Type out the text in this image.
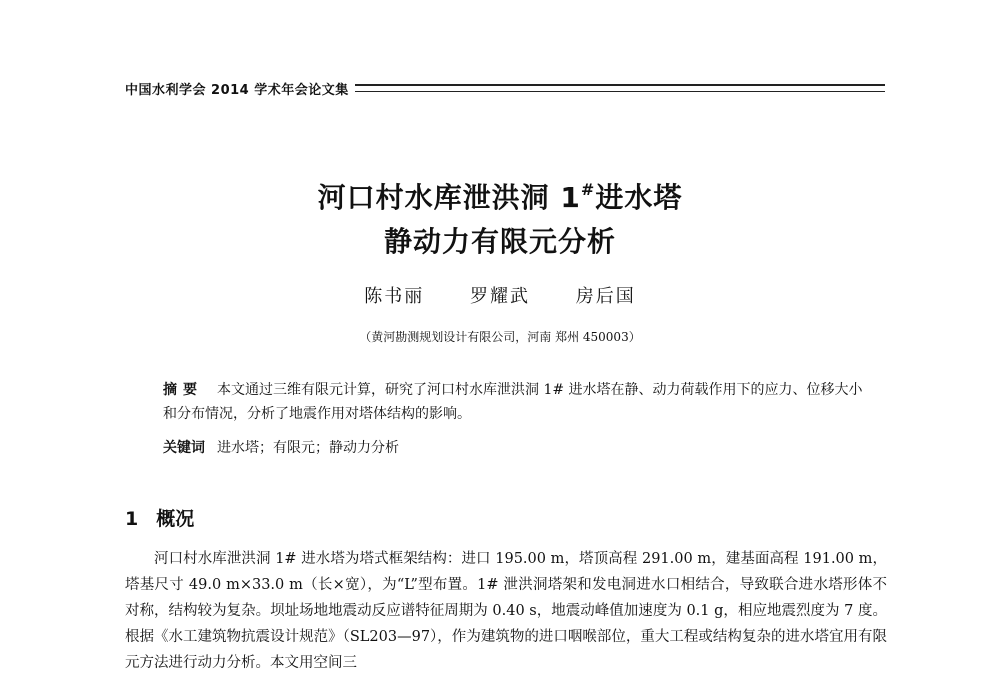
中国水利学会 2014 学术年会论文集
河口村水库泄洪洞 1#进水塔
静动力有限元分析
陈书丽	罗耀武	房后国
（黄河勘测规划设计有限公司，河南 郑州 450003）
摘要 本文通过三维有限元计算，研究了河口村水库泄洪洞 1# 进水塔在静、动力荷载作用下的应力、位移大小和分布情况，分析了地震作用对塔体结构的影响。
关键词 进水塔；有限元；静动力分析
1 概况

河口村水库泄洪洞 1# 进水塔为塔式框架结构：进口 195.00 m，塔顶高程 291.00 m，建基面高程 191.00 m，塔基尺寸 49.0 m×33.0 m（长×宽），为“L”型布置。1# 泄洪洞塔架和发电洞进水口相结合，导致联合进水塔形体不对称，结构较为复杂。坝址场地地震动反应谱特征周期为 0.40 s，地震动峰值加速度为 0.1 g，相应地震烈度为 7 度。根据《水工建筑物抗震设计规范》（SL203—97），作为建筑物的进口咽喉部位，重大工程或结构复杂的进水塔宜用有限元方法进行动力分析。本文用空间三
